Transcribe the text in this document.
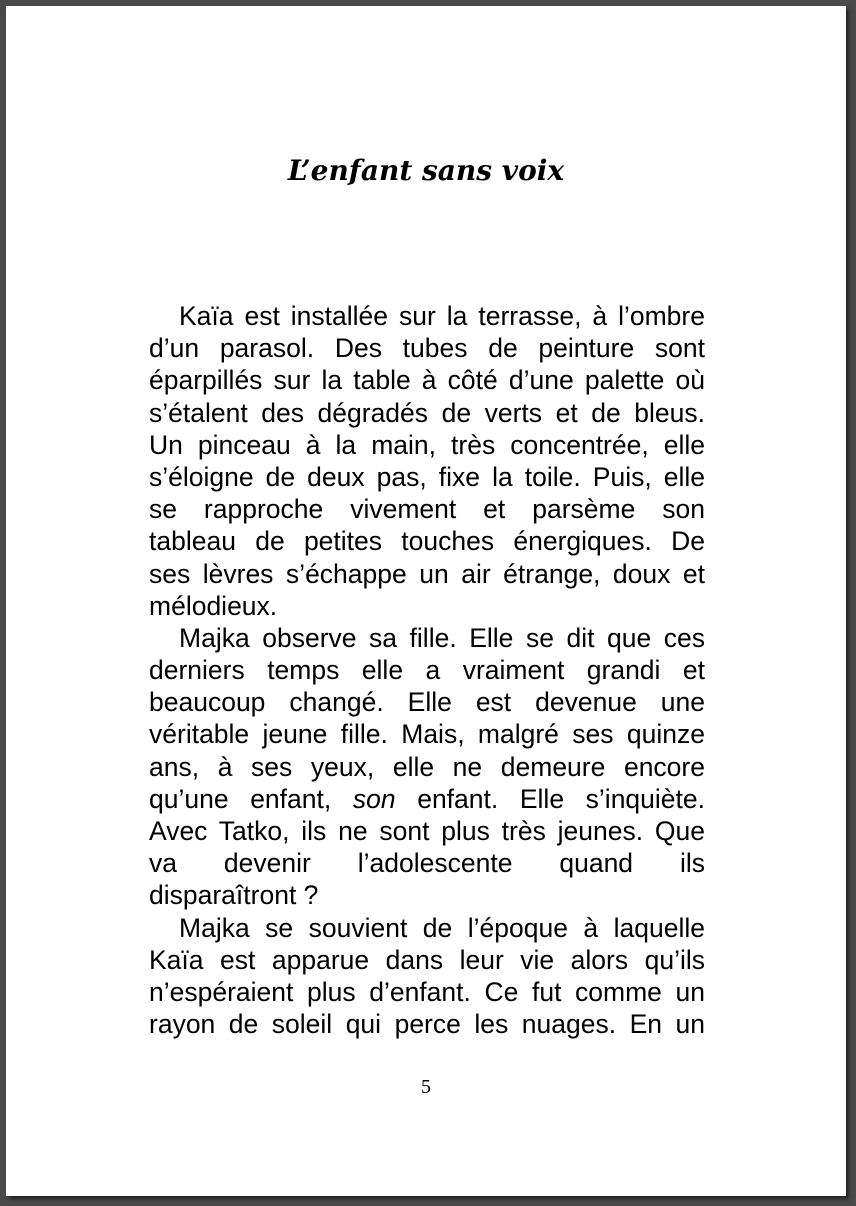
L’enfant sans voix
Kaïa est installée sur la terrasse, à l’ombre
d’un parasol. Des tubes de peinture sont
éparpillés sur la table à côté d’une palette où
s’étalent des dégradés de verts et de bleus.
Un pinceau à la main, très concentrée, elle
s’éloigne de deux pas, fixe la toile. Puis, elle
se rapproche vivement et parsème son
tableau de petites touches énergiques. De
ses lèvres s’échappe un air étrange, doux et
mélodieux.
Majka observe sa fille. Elle se dit que ces
derniers temps elle a vraiment grandi et
beaucoup changé. Elle est devenue une
véritable jeune fille. Mais, malgré ses quinze
ans, à ses yeux, elle ne demeure encore
qu’une enfant, son enfant. Elle s’inquiète.
Avec Tatko, ils ne sont plus très jeunes. Que
va devenir l’adolescente quand ils
disparaîtront ?
Majka se souvient de l’époque à laquelle
Kaïa est apparue dans leur vie alors qu’ils
n’espéraient plus d’enfant. Ce fut comme un
rayon de soleil qui perce les nuages. En un
5
